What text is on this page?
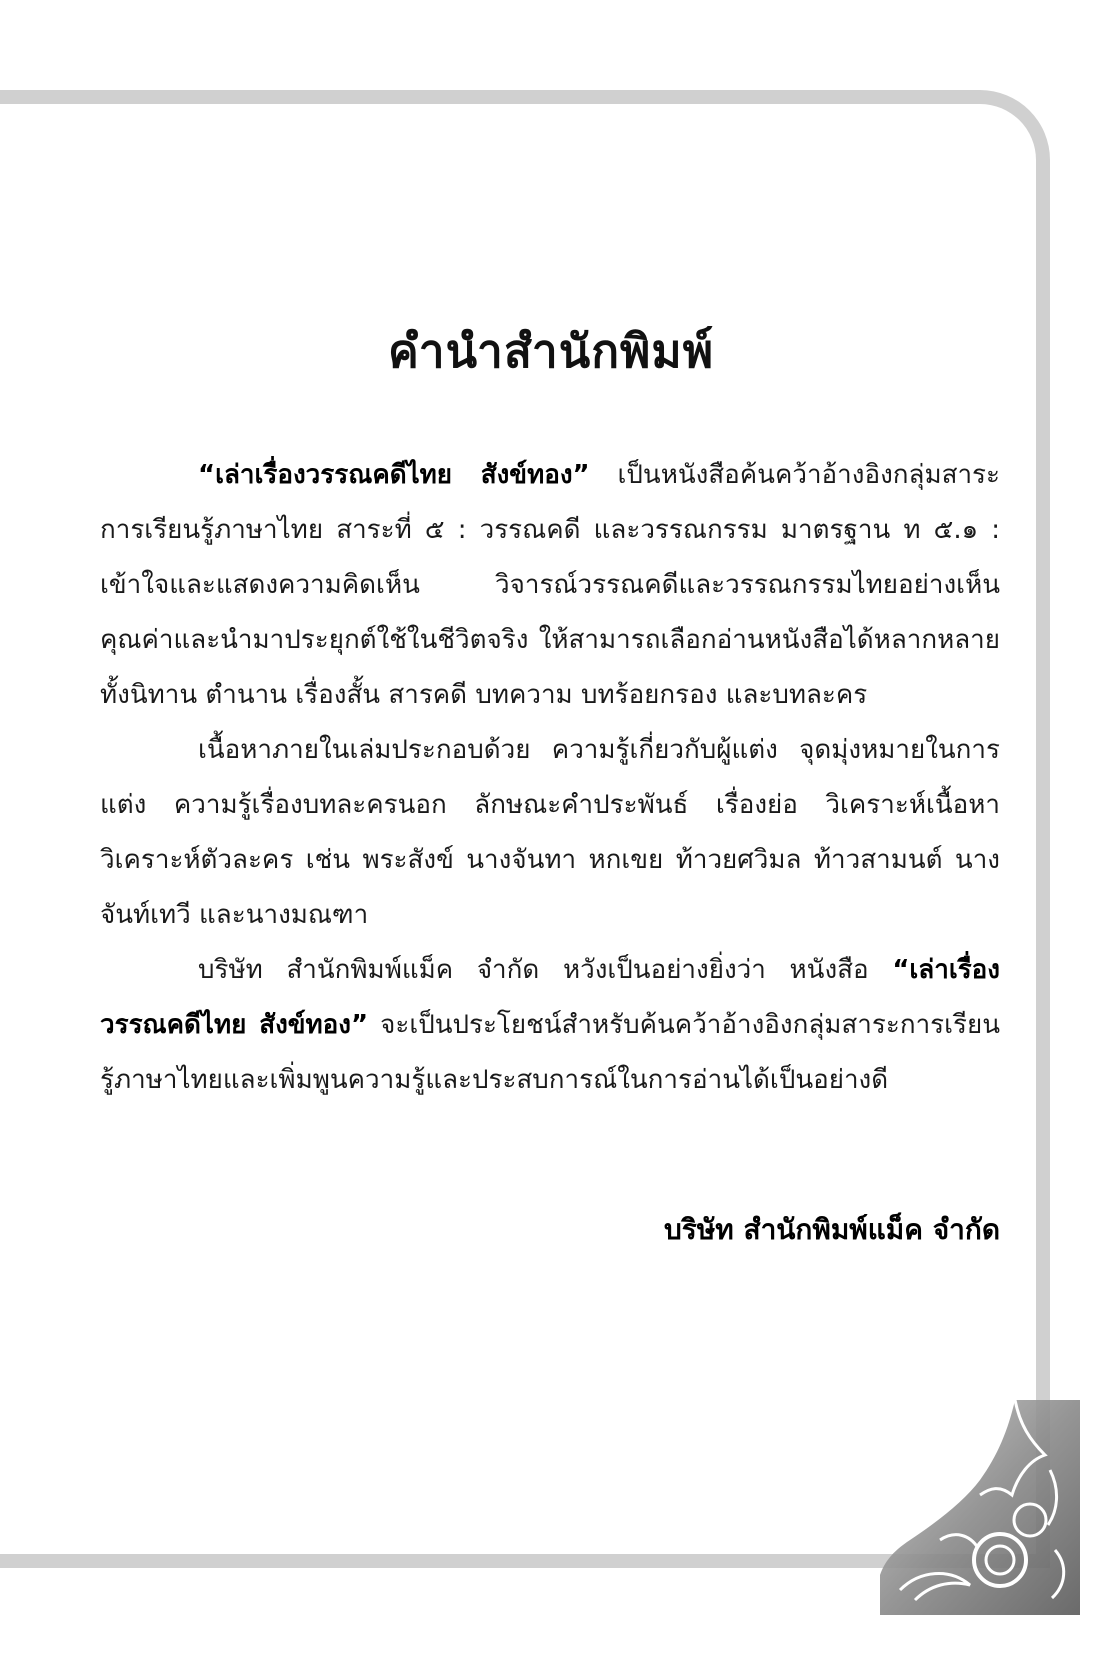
คำนำสำนักพิมพ์

“เล่าเรื่องวรรณคดีไทย สังข์ทอง” เป็นหนังสือค้นคว้าอ้างอิงกลุ่มสาระการเรียนรู้ภาษาไทย สาระที่ ๕ : วรรณคดี และวรรณกรรม มาตรฐาน ท ๕.๑ : เข้าใจและแสดงความคิดเห็น วิจารณ์วรรณคดีและวรรณกรรมไทยอย่างเห็นคุณค่าและนำมาประยุกต์ใช้ในชีวิตจริง ให้สามารถเลือกอ่านหนังสือได้หลากหลายทั้งนิทาน ตำนาน เรื่องสั้น สารคดี บทความ บทร้อยกรอง และบทละคร

เนื้อหาภายในเล่มประกอบด้วย ความรู้เกี่ยวกับผู้แต่ง จุดมุ่งหมายในการแต่ง ความรู้เรื่องบทละครนอก ลักษณะคำประพันธ์ เรื่องย่อ วิเคราะห์เนื้อหา วิเคราะห์ตัวละคร เช่น พระสังข์ นางจันทา หกเขย ท้าวยศวิมล ท้าวสามนต์ นางจันท์เทวี และนางมณฑา

บริษัท สำนักพิมพ์แม็ค จำกัด หวังเป็นอย่างยิ่งว่า หนังสือ “เล่าเรื่องวรรณคดีไทย สังข์ทอง” จะเป็นประโยชน์สำหรับค้นคว้าอ้างอิงกลุ่มสาระการเรียนรู้ภาษาไทยและเพิ่มพูนความรู้และประสบการณ์ในการอ่านได้เป็นอย่างดี

บริษัท สำนักพิมพ์แม็ค จำกัด
